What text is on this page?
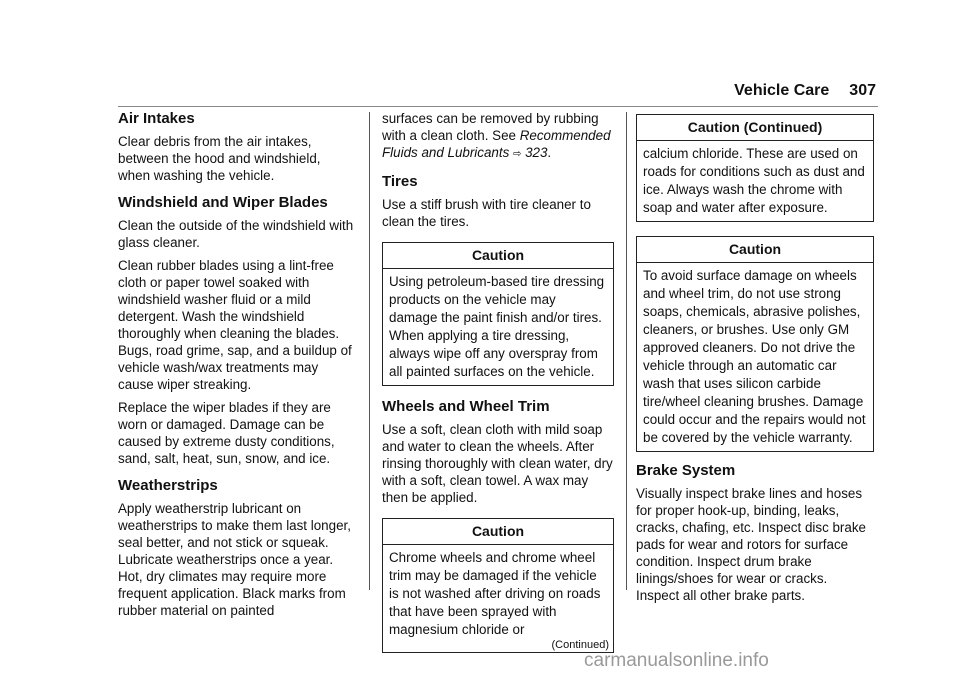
Vehicle Care 307
Air Intakes

Clear debris from the air intakes, between the hood and windshield, when washing the vehicle.

Windshield and Wiper Blades

Clean the outside of the windshield with glass cleaner.

Clean rubber blades using a lint-free cloth or paper towel soaked with windshield washer fluid or a mild detergent. Wash the windshield thoroughly when cleaning the blades. Bugs, road grime, sap, and a buildup of vehicle wash/wax treatments may cause wiper streaking.

Replace the wiper blades if they are worn or damaged. Damage can be caused by extreme dusty conditions, sand, salt, heat, sun, snow, and ice.

Weatherstrips

Apply weatherstrip lubricant on weatherstrips to make them last longer, seal better, and not stick or squeak. Lubricate weatherstrips once a year. Hot, dry climates may require more frequent application. Black marks from rubber material on painted

surfaces can be removed by rubbing with a clean cloth. See Recommended Fluids and Lubricants ⇨ 323.

Tires

Use a stiff brush with tire cleaner to clean the tires.

Caution

Using petroleum-based tire dressing products on the vehicle may damage the paint finish and/or tires. When applying a tire dressing, always wipe off any overspray from all painted surfaces on the vehicle.

Wheels and Wheel Trim

Use a soft, clean cloth with mild soap and water to clean the wheels. After rinsing thoroughly with clean water, dry with a soft, clean towel. A wax may then be applied.

Caution

Chrome wheels and chrome wheel trim may be damaged if the vehicle is not washed after driving on roads that have been sprayed with magnesium chloride or

(Continued)
Caution (Continued)

calcium chloride. These are used on roads for conditions such as dust and ice. Always wash the chrome with soap and water after exposure.

Caution

To avoid surface damage on wheels and wheel trim, do not use strong soaps, chemicals, abrasive polishes, cleaners, or brushes. Use only GM approved cleaners. Do not drive the vehicle through an automatic car wash that uses silicon carbide tire/wheel cleaning brushes. Damage could occur and the repairs would not be covered by the vehicle warranty.

Brake System

Visually inspect brake lines and hoses for proper hook-up, binding, leaks, cracks, chafing, etc. Inspect disc brake pads for wear and rotors for surface condition. Inspect drum brake linings/shoes for wear or cracks. Inspect all other brake parts.

carmanualsonline.info
